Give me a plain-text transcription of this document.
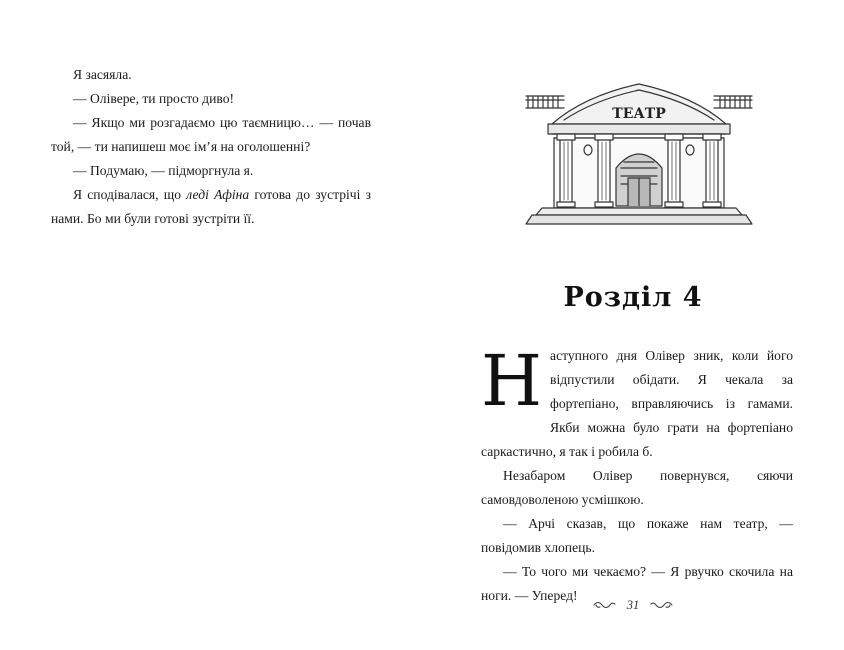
Я засяяла.

— Олівере, ти просто диво!

— Якщо ми розгадаємо цю таємницю… — почав той, — ти напишеш моє ім’я на оголошенні?

— Подумаю, — підморгнула я.

Я сподівалася, що леді Афіна готова до зустрічі з нами. Бо ми були готові зустріти її.

ТЕАТР
Розділ 4
Н аступного дня Олівер зник, коли його відпустили обідати. Я чекала за фортепіано, вправляючись із гамами. Якби можна було грати на фортепіано саркастично, я так і робила б.

Незабаром Олівер повернувся, сяючи самовдоволеною усмішкою.

— Арчі сказав, що покаже нам театр, — повідомив хлопець.

— То чого ми чекаємо? — Я рвучко скочила на ноги. — Уперед!

31
